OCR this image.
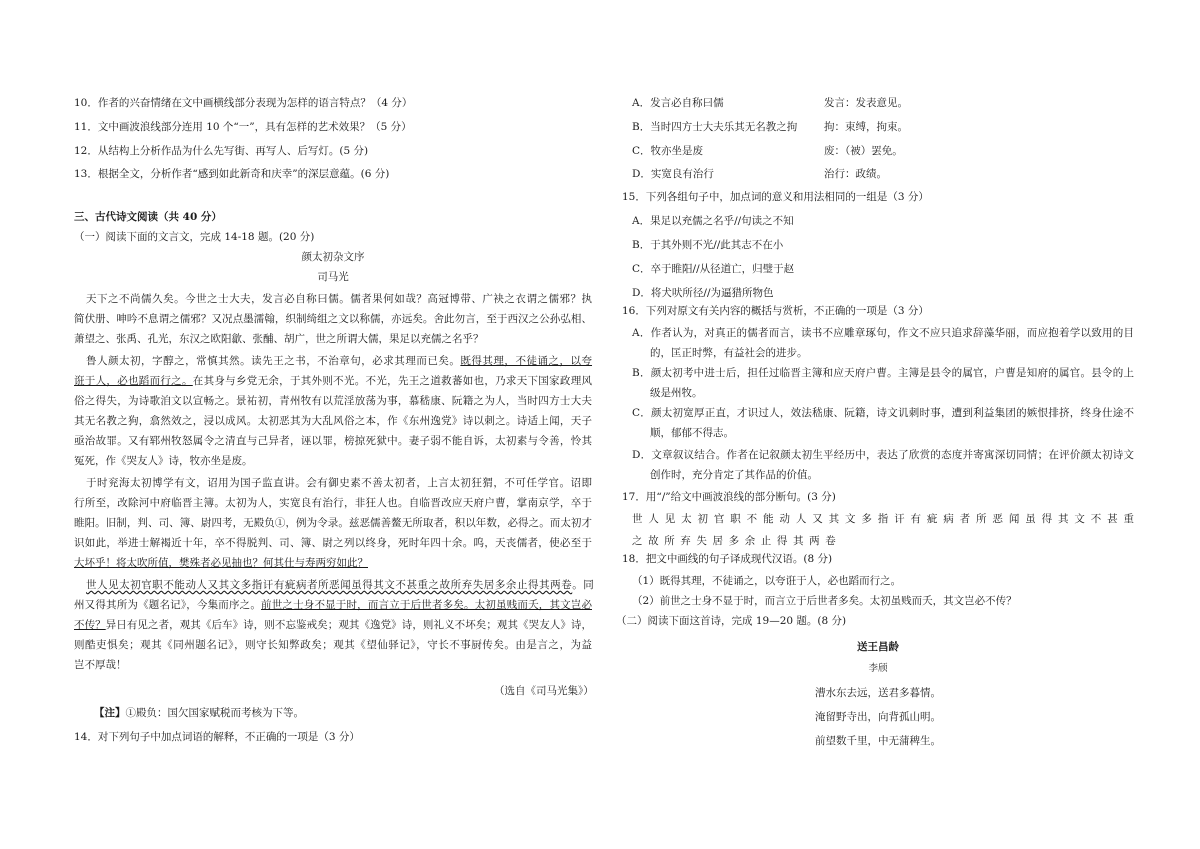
10．作者的兴奋情绪在文中画横线部分表现为怎样的语言特点？（4 分）
11．文中画波浪线部分连用 10 个“一”，具有怎样的艺术效果？（5 分）
12．从结构上分析作品为什么先写街、再写人、后写灯。(5 分)
13．根据全文，分析作者“感到如此新奇和庆幸”的深层意蕴。(6 分)
三、古代诗文阅读（共 40 分）
（一）阅读下面的文言文，完成 14-18 题。(20 分)
颜太初杂文序
司马光
天下之不尚儒久矣。今世之士大夫，发言必自称曰儒。儒者果何如哉？高冠博带、广袂之衣谓之儒邪？执
简伏册、呻吟不息谓之儒邪？又况点墨濡翰，织制绮组之文以称儒，亦远矣。舍此勿言，至于西汉之公孙弘相、
萧望之、张禹、孔光，东汉之欧阳歙、张酺、胡广，世之所谓大儒，果足以充儒之名乎？
鲁人颜太初，字醇之，常慎其然。读先王之书，不治章句，必求其理而已矣。既得其理，不徒诵之，以夸
诳于人，必也蹈而行之。在其身与乡党无余，于其外则不光。不光，先王之道救蕃如也，乃求天下国家政理风
俗之得失，为诗歌洎文以宣畅之。景祐初，青州牧有以荒淫放荡为事，慕嵇康、阮籍之为人，当时四方士大夫
其无名教之狗，翕然效之，浸以成风。太初恶其为大乱风俗之本，作《东州逸党》诗以刺之。诗适上闻，天子
亟治故罪。又有郓州牧怒属令之清直与己异者，诬以罪，榜掠死狱中。妻子弱不能自诉，太初素与令善，怜其
冤死，作《哭友人》诗，牧亦坐是废。
于时兖海太初博学有文，诏用为国子监直讲。会有御史素不善太初者，上言太初狂猬，不可任学官。诏即
行所至，改除河中府临晋主簿。太初为人，实宽良有治行，非狂人也。自临晋改应天府户曹，掌南京学，卒于
睢阳。旧制，判、司、簿、尉四考，无殿负①，例为令录。兹恶儒善鳌无所取者，积以年数，必得之。而太初才
识如此，举进士解褐近十年，卒不得脱判、司、簿、尉之列以终身，死时年四十余。呜，天丧儒者，使必至于
大坏乎！将太吹所值，樊殊者必见抽也？何其仕与寿两穷如此？
世人见太初官职不能动人又其文多指讦有疵病者所恶闻虽得其文不甚重之故所弃失居多余止得其两卷。同
州又得其所为《题名记》，今集而序之。前世之士身不显于时，而言立于后世者多矣。太初虽贱而夭，其文岂必
不传？异日有见之者，观其《后车》诗，则不忘鉴戒矣；观其《逸党》诗，则礼义不坏矣；观其《哭友人》诗，
则酷吏惧矣；观其《同州题名记》，则守长知弊政矣；观其《望仙驿记》，守长不事厨传矣。由是言之，为益
岂不厚哉！
（选自《司马光集》）
【注】①殿负：国欠国家赋税而考核为下等。
14．对下列句子中加点词语的解释，不正确的一项是（3 分）
A．发言必自称曰儒	发言：发表意见。
B．当时四方士大夫乐其无名教之拘	拘：束缚，拘束。
C．牧亦坐是废	废：（被）罢免。
D．实宽良有治行	治行：政绩。
15．下列各组句子中，加点词的意义和用法相同的一组是（3 分）
A．果足以充儒之名乎//句读之不知
B．于其外则不光//此其志不在小
C．卒于睢阳//从径道亡，归璧于赵
D．将犬吠所径//为逼猎所物色
16．下列对原文有关内容的概括与赏析，不正确的一项是（3 分）
A．作者认为，对真正的儒者而言，读书不应雕章琢句，作文不应只追求辞藻华丽，而应抱着学以致用的目
的，匡正时弊，有益社会的进步。
B．颜太初考中进士后，担任过临晋主簿和应天府户曹。主簿是县令的属官，户曹是知府的属官。县令的上
级是州牧。
C．颜太初宽厚正直，才识过人，效法嵇康、阮籍，诗文讥刺时事，遭到利益集团的嫉恨排挤，终身仕途不
顺，郁郁不得志。
D．文章叙议结合。作者在记叙颜太初生平经历中，表达了欣赏的态度并寄寓深切同情；在评价颜太初诗文
创作时，充分肯定了其作品的价值。
17．用“/”给文中画波浪线的部分断句。(3 分)
世人见太初官职不能动人又其文多指讦有疵病者所恶闻虽得其文不甚重
之故所弃失居多余止得其两卷
18．把文中画线的句子译成现代汉语。(8 分)
（1）既得其理，不徒诵之，以夸诳于人，必也蹈而行之。
（2）前世之士身不显于时，而言立于后世者多矣。太初虽贱而夭，其文岂必不传？
（二）阅读下面这首诗，完成 19—20 题。(8 分)
送王昌龄
李颀
漕水东去远，送君多暮情。
淹留野寺出，向背孤山明。
前望数千里，中无蒲稗生。
